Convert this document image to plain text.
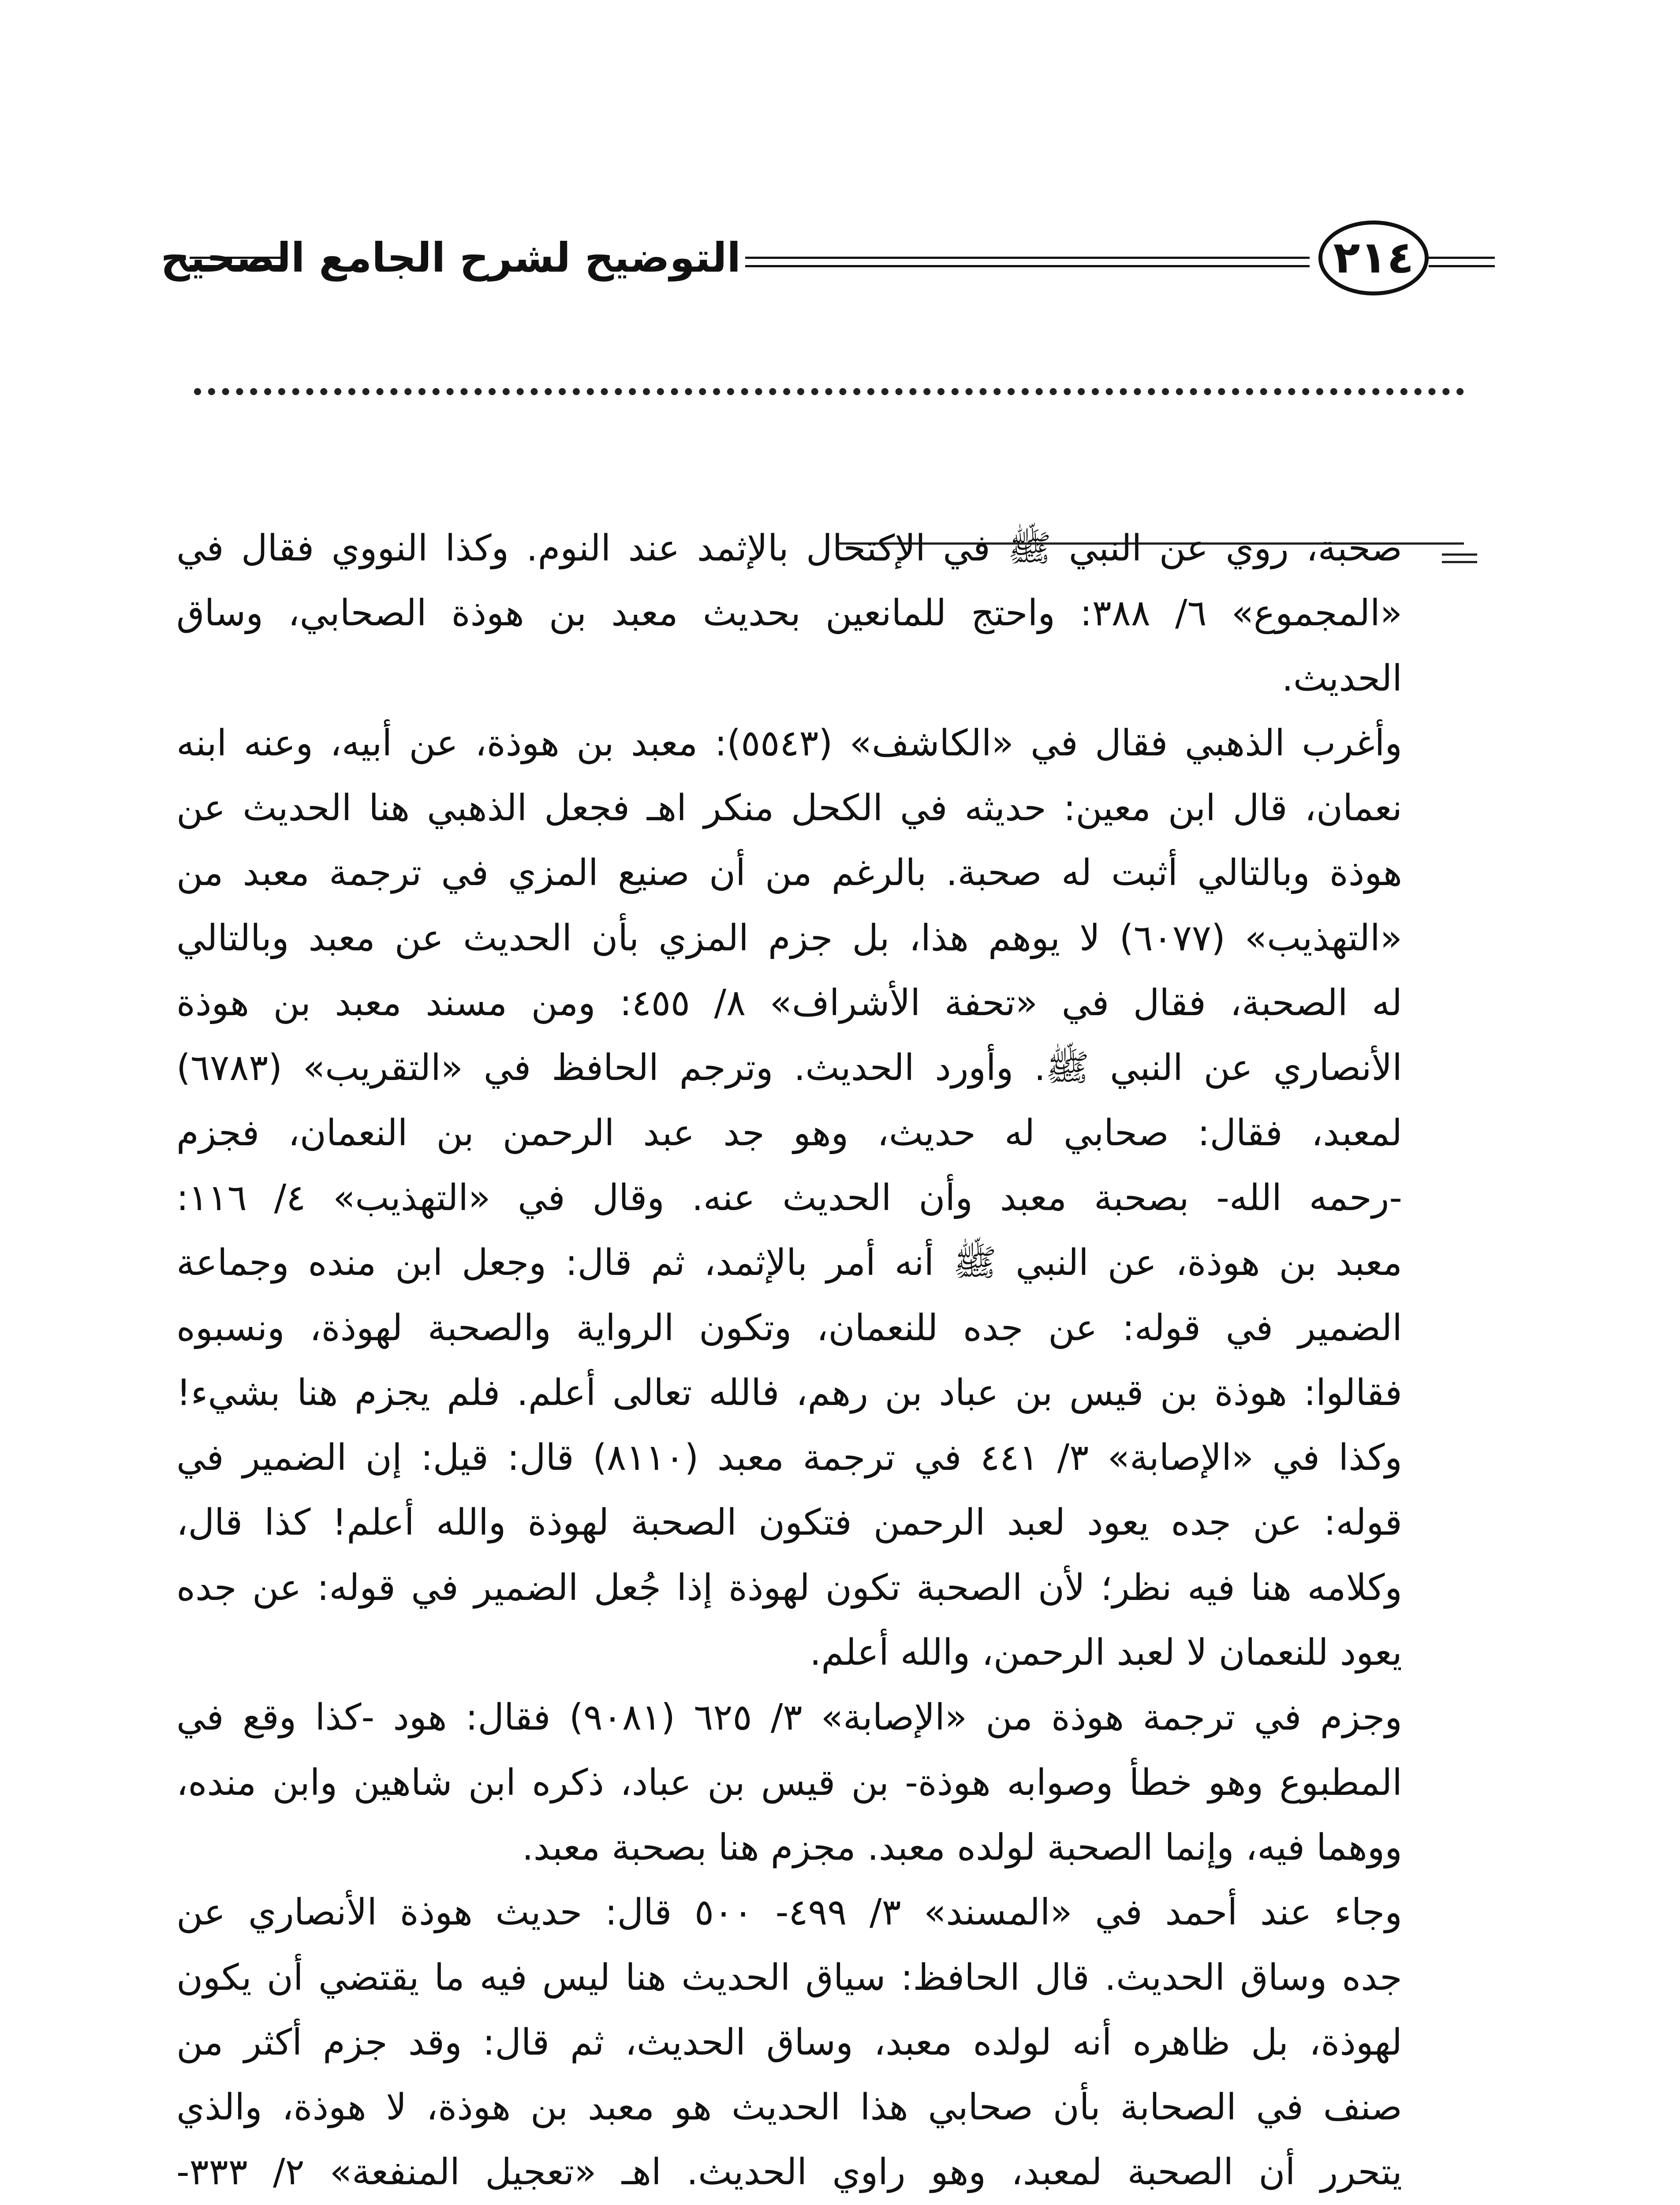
التوضيح لشرح الجامع الصحيح	٢١٤
صحبة، روي عن النبي ﷺ في الإكتحال بالإثمد عند النوم. وكذا النووي فقال في
«المجموع» ٦/ ٣٨٨: واحتج للمانعين بحديث معبد بن هوذة الصحابي، وساق
الحديث.
وأغرب الذهبي فقال في «الكاشف» (٥٥٤٣): معبد بن هوذة، عن أبيه، وعنه ابنه
نعمان، قال ابن معين: حديثه في الكحل منكر اهـ فجعل الذهبي هنا الحديث عن
هوذة وبالتالي أثبت له صحبة. بالرغم من أن صنيع المزي في ترجمة معبد من
«التهذيب» (٦٠٧٧) لا يوهم هذا، بل جزم المزي بأن الحديث عن معبد وبالتالي
له الصحبة، فقال في «تحفة الأشراف» ٨/ ٤٥٥: ومن مسند معبد بن هوذة
الأنصاري عن النبي ﷺ. وأورد الحديث. وترجم الحافظ في «التقريب» (٦٧٨٣)
لمعبد، فقال: صحابي له حديث، وهو جد عبد الرحمن بن النعمان، فجزم
-رحمه الله- بصحبة معبد وأن الحديث عنه. وقال في «التهذيب» ٤/ ١١٦:
معبد بن هوذة، عن النبي ﷺ أنه أمر بالإثمد، ثم قال: وجعل ابن منده وجماعة
الضمير في قوله: عن جده للنعمان، وتكون الرواية والصحبة لهوذة، ونسبوه
فقالوا: هوذة بن قيس بن عباد بن رهم، فالله تعالى أعلم. فلم يجزم هنا بشيء!
وكذا في «الإصابة» ٣/ ٤٤١ في ترجمة معبد (٨١١٠) قال: قيل: إن الضمير في
قوله: عن جده يعود لعبد الرحمن فتكون الصحبة لهوذة والله أعلم! كذا قال،
وكلامه هنا فيه نظر؛ لأن الصحبة تكون لهوذة إذا جُعل الضمير في قوله: عن جده
يعود للنعمان لا لعبد الرحمن، والله أعلم.
وجزم في ترجمة هوذة من «الإصابة» ٣/ ٦٢٥ (٩٠٨١) فقال: هود -كذا وقع في
المطبوع وهو خطأ وصوابه هوذة- بن قيس بن عباد، ذكره ابن شاهين وابن منده،
ووهما فيه، وإنما الصحبة لولده معبد. مجزم هنا بصحبة معبد.
وجاء عند أحمد في «المسند» ٣/ ٤٩٩- ٥٠٠ قال: حديث هوذة الأنصاري عن
جده وساق الحديث. قال الحافظ: سياق الحديث هنا ليس فيه ما يقتضي أن يكون
لهوذة، بل ظاهره أنه لولده معبد، وساق الحديث، ثم قال: وقد جزم أكثر من
صنف في الصحابة بأن صحابي هذا الحديث هو معبد بن هوذة، لا هوذة، والذي
يتحرر أن الصحبة لمعبد، وهو راوي الحديث. اهـ «تعجيل المنفعة» ٢/ ٣٣٣-
